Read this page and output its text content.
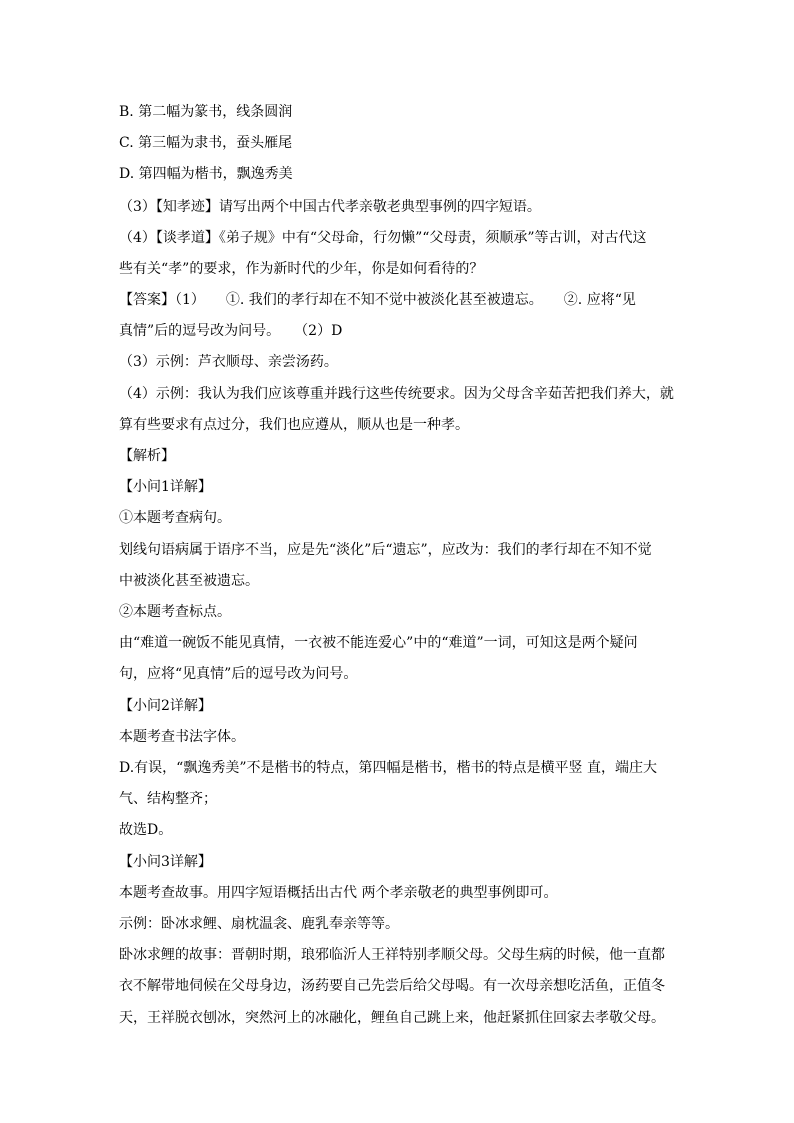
B. 第二幅为篆书，线条圆润
C. 第三幅为隶书，蚕头雁尾
D. 第四幅为楷书，飘逸秀美
（3）【知孝迹】请写出两个中国古代孝亲敬老典型事例的四字短语。
（4）【谈孝道】《弟子规》中有“父母命，行勿懒”“父母责，须顺承”等古训，对古代这
些有关“孝”的要求，作为新时代的少年，你是如何看待的？
【答案】（1）　　①. 我们的孝行却在不知不觉中被淡化甚至被遗忘。　　②. 应将“见
真情”后的逗号改为问号。　　（2）D
（3）示例：芦衣顺母、亲尝汤药。
（4）示例：我认为我们应该尊重并践行这些传统要求。因为父母含辛茹苦把我们养大，就
算有些要求有点过分，我们也应遵从，顺从也是一种孝。
【解析】
【小问1详解】
①本题考查病句。
划线句语病属于语序不当，应是先“淡化”后“遗忘”，应改为：我们的孝行却在不知不觉
中被淡化甚至被遗忘。
②本题考查标点。
由“难道一碗饭不能见真情，一衣被不能连爱心”中的“难道”一词，可知这是两个疑问
句，应将“见真情”后的逗号改为问号。
【小问2详解】
本题考查书法字体。
D.有误，“飘逸秀美”不是楷书的特点，第四幅是楷书，楷书的特点是横平竖 直，端庄大
气、结构整齐；
故选D。
【小问3详解】
本题考查故事。用四字短语概括出古代 两个孝亲敬老的典型事例即可。
示例：卧冰求鲤、扇枕温衾、鹿乳奉亲等等。
卧冰求鲤的故事：晋朝时期，琅邪临沂人王祥特别孝顺父母。父母生病的时候，他一直都
衣不解带地伺候在父母身边，汤药要自己先尝后给父母喝。有一次母亲想吃活鱼，正值冬
天，王祥脱衣刨冰，突然河上的冰融化，鲤鱼自己跳上来，他赶紧抓住回家去孝敬父母。
